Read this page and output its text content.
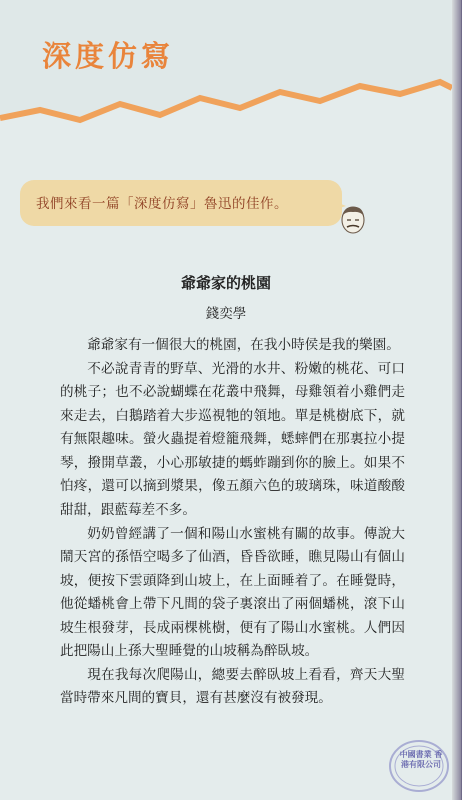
深度仿寫
我們來看一篇「深度仿寫」魯迅的佳作。
爺爺家的桃園
錢奕學

爺爺家有一個很大的桃園，在我小時侯是我的樂園。

不必說青青的野草、光滑的水井、粉嫩的桃花、可口的桃子；也不必說蝴蝶在花叢中飛舞，母雞領着小雞們走來走去，白鵝踏着大步巡視牠的領地。單是桃樹底下，就有無限趣味。螢火蟲提着燈籠飛舞，蟋蟀們在那裏拉小提琴，撥開草叢，小心那敏捷的螞蚱蹦到你的臉上。如果不怕疼，還可以摘到漿果，像五顏六色的玻璃珠，味道酸酸甜甜，跟藍莓差不多。

奶奶曾經講了一個和陽山水蜜桃有關的故事。傳說大鬧天宮的孫悟空喝多了仙酒，昏昏欲睡，瞧見陽山有個山坡，便按下雲頭降到山坡上，在上面睡着了。在睡覺時，他從蟠桃會上帶下凡間的袋子裏滾出了兩個蟠桃，滾下山坡生根發芽，長成兩棵桃樹，便有了陽山水蜜桃。人們因此把陽山上孫大聖睡覺的山坡稱為醉臥坡。

現在我每次爬陽山，總要去醉臥坡上看看，齊天大聖當時帶來凡間的寶貝，還有甚麼沒有被發現。

中國書業 香港有限公司
